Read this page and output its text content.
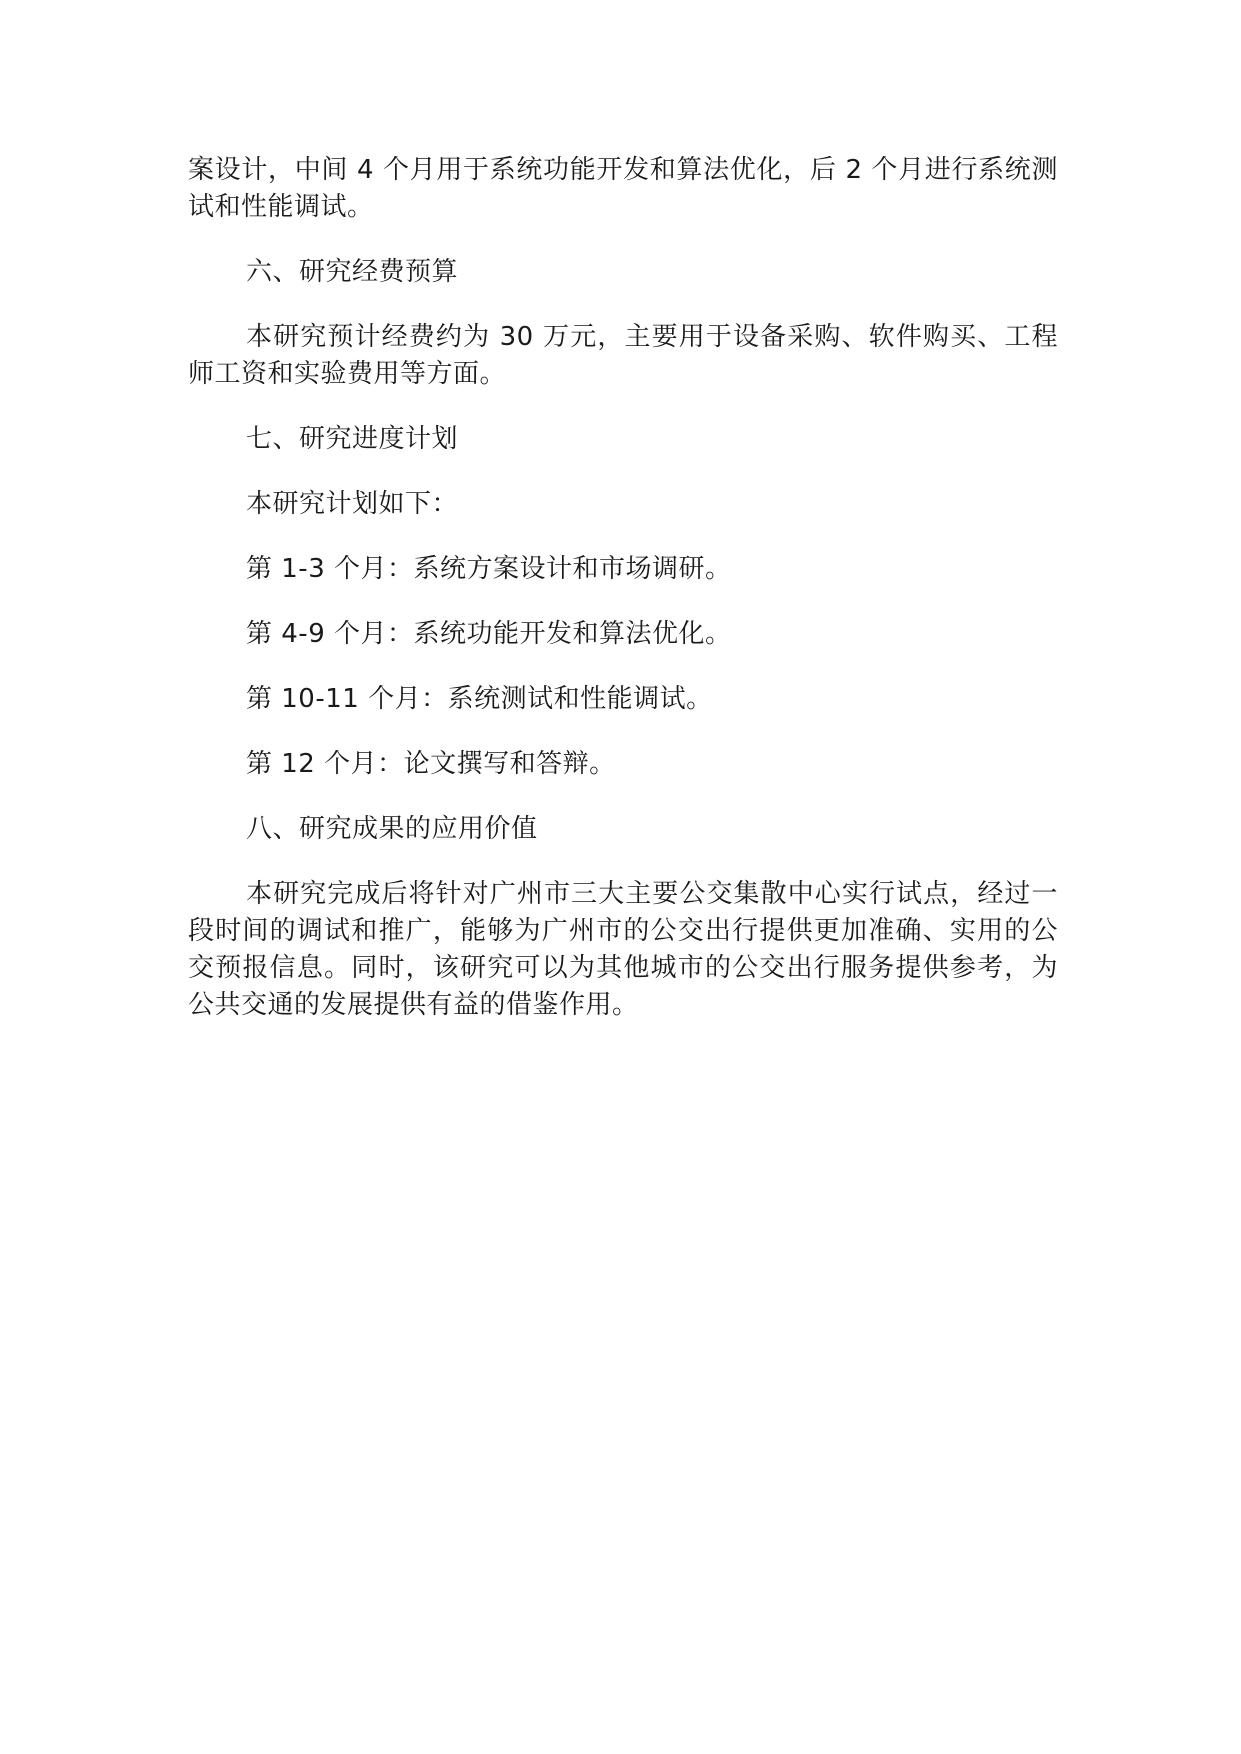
案设计，中间 4 个月用于系统功能开发和算法优化，后 2 个月进行系统测试和性能调试。

六、研究经费预算

本研究预计经费约为 30 万元，主要用于设备采购、软件购买、工程师工资和实验费用等方面。

七、研究进度计划

本研究计划如下：

第 1-3 个月：系统方案设计和市场调研。

第 4-9 个月：系统功能开发和算法优化。

第 10-11 个月：系统测试和性能调试。

第 12 个月：论文撰写和答辩。

八、研究成果的应用价值

本研究完成后将针对广州市三大主要公交集散中心实行试点，经过一段时间的调试和推广，能够为广州市的公交出行提供更加准确、实用的公交预报信息。同时，该研究可以为其他城市的公交出行服务提供参考，为公共交通的发展提供有益的借鉴作用。
